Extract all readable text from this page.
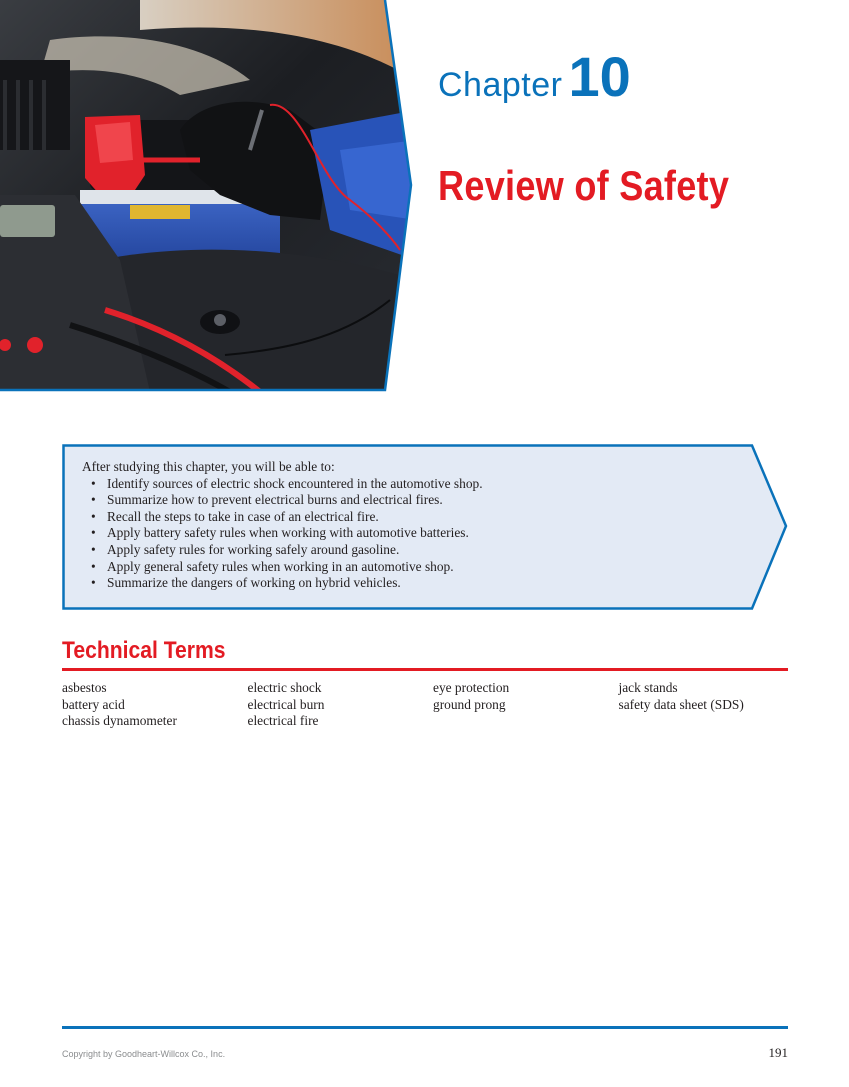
Chapter 10
Review of Safety

After studying this chapter, you will be able to:

• Identify sources of electric shock encountered in the automotive shop.
• Summarize how to prevent electrical burns and electrical fires.
• Recall the steps to take in case of an electrical fire.
• Apply battery safety rules when working with automotive batteries.
• Apply safety rules for working safely around gasoline.
• Apply general safety rules when working in an automotive shop.
• Summarize the dangers of working on hybrid vehicles.
Technical Terms
asbestos
battery acid
chassis dynamometer
electric shock
electrical burn
electrical fire
eye protection
ground prong
jack stands
safety data sheet (SDS)
Copyright by Goodheart-Willcox Co., Inc.	191
